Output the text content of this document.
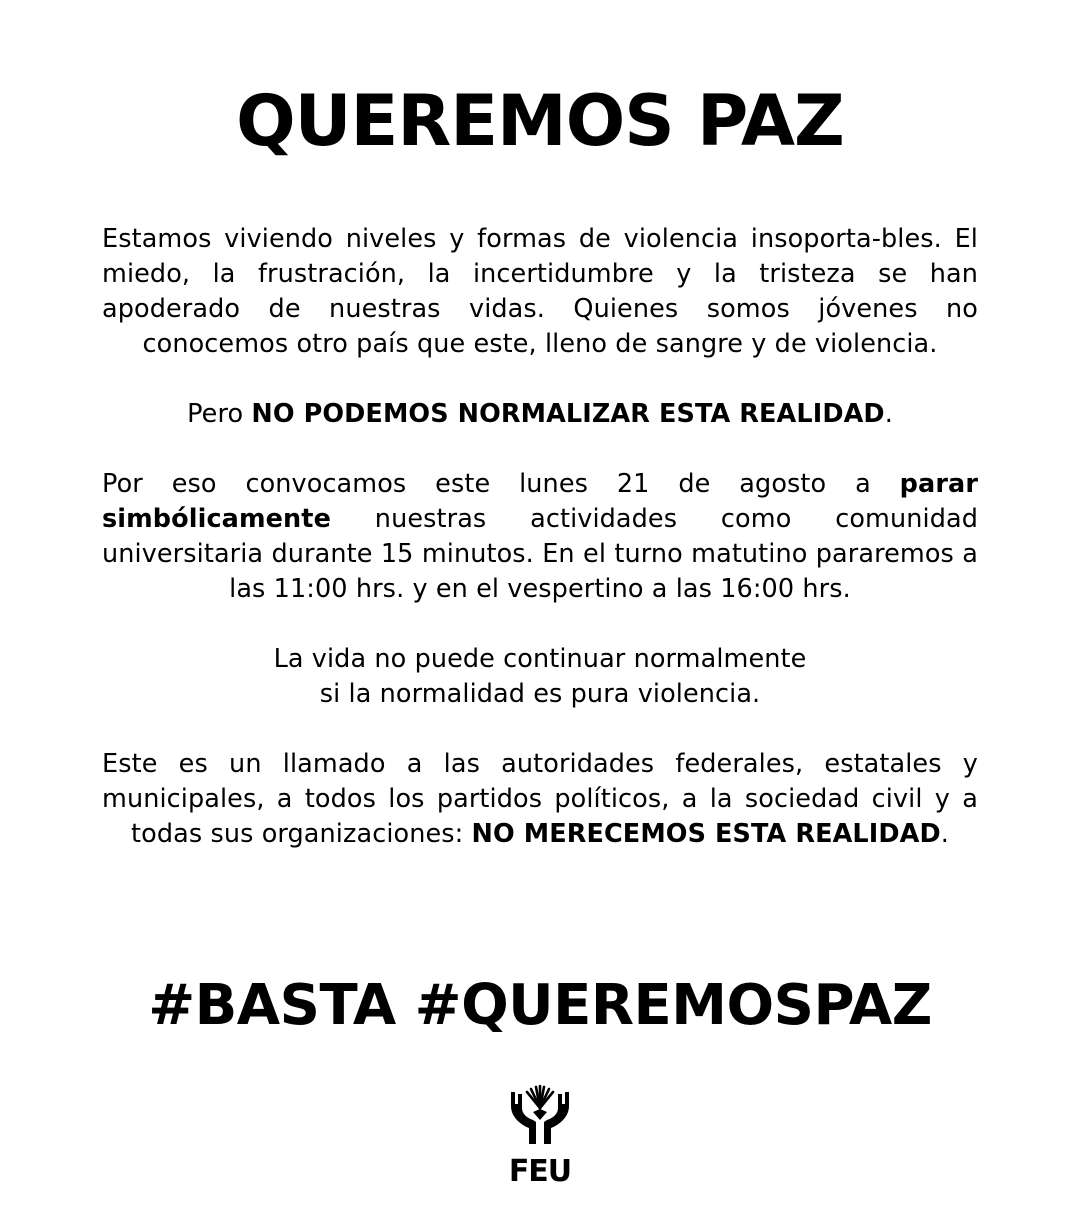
QUEREMOS PAZ

Estamos viviendo niveles y formas de violencia insoporta-bles. El miedo, la frustración, la incertidumbre y la tristeza se han apoderado de nuestras vidas. Quienes somos jóvenes no conocemos otro país que este, lleno de sangre y de violencia.

Pero NO PODEMOS NORMALIZAR ESTA REALIDAD.

Por eso convocamos este lunes 21 de agosto a parar simbólicamente nuestras actividades como comunidad universitaria durante 15 minutos. En el turno matutino pararemos a las 11:00 hrs. y en el vespertino a las 16:00 hrs.

La vida no puede continuar normalmente
si la normalidad es pura violencia.

Este es un llamado a las autoridades federales, estatales y municipales, a todos los partidos políticos, a la sociedad civil y a todas sus organizaciones: NO MERECEMOS ESTA REALIDAD.

#BASTA #QUEREMOSPAZ
FEU
